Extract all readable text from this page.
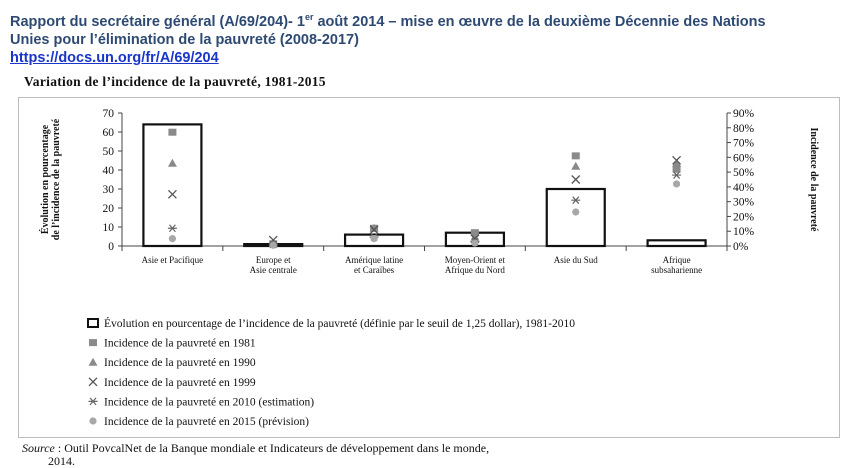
Rapport du secrétaire général (A/69/204)- 1er août 2014 – mise en œuvre de la deuxième Décennie des Nations
Unies pour l’élimination de la pauvreté (2008-2017)
https://docs.un.org/fr/A/69/204
Variation de l’incidence de la pauvreté, 1981-2015
0
10
20
30
40
50
60
70
0%
10%
20%
30%
40%
50%
60%
70%
80%
90%
Asie et Pacifique	Europe et
Asie centrale
Amérique latine
et Caraïbes
Moyen-Orient et
Afrique du Nord
Asie du Sud	Afrique
subsaharienne
Évolution en pourcentage de l’incidence de la pauvreté	Incidence de la pauvreté
Évolution en pourcentage de l’incidence de la pauvreté (définie par le seuil de 1,25 dollar), 1981-2010
Incidence de la pauvreté en 1981
Incidence de la pauvreté en 1990
Incidence de la pauvreté en 1999
Incidence de la pauvreté en 2010 (estimation)
Incidence de la pauvreté en 2015 (prévision)
Source : Outil PovcalNet de la Banque mondiale et Indicateurs de développement dans le monde,
2014.
